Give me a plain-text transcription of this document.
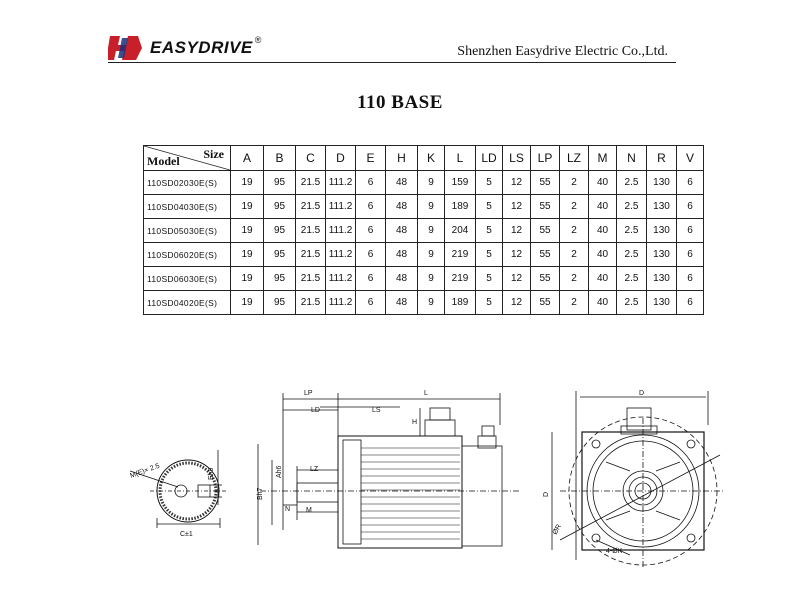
EASYDRIVE ®
Shenzhen Easydrive Electric Co.,Ltd.
110 BASE
Size
Model	A	B	C	D	E	H	K	L	LD	LS	LP	LZ	M	N	R	V
110SD02030E(S)	19	95	21.5	111.2	6	48	9	159	5	12	55	2	40	2.5	130	6
110SD04030E(S)	19	95	21.5	111.2	6	48	9	189	5	12	55	2	40	2.5	130	6
110SD05030E(S)	19	95	21.5	111.2	6	48	9	204	5	12	55	2	40	2.5	130	6
110SD06020E(S)	19	95	21.5	111.2	6	48	9	219	5	12	55	2	40	2.5	130	6
110SD06030E(S)	19	95	21.5	111.2	6	48	9	219	5	12	55	2	40	2.5	130	6
110SD04020E(S)	19	95	21.5	111.2	6	48	9	189	5	12	55	2	40	2.5	130	6
Eh9
M(E)× 2.5
C±1
LP	L
LD	LS
H
LZ
Ah6
Bh7
N M
D
D
ØR
4-ØK
